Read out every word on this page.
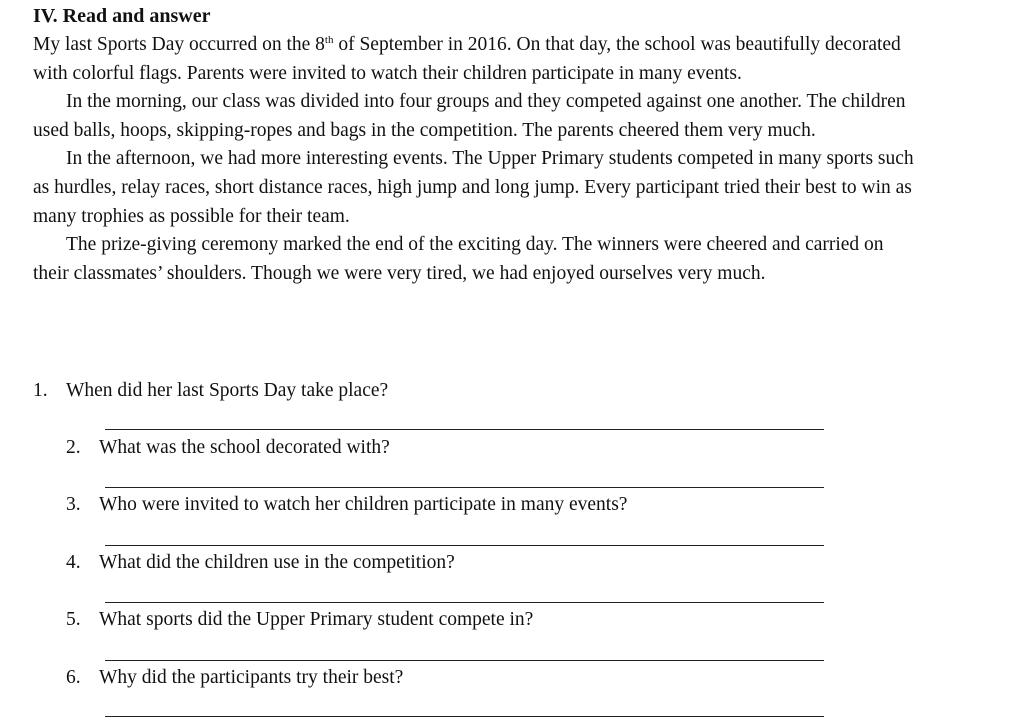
IV. Read and answer

My last Sports Day occurred on the 8th of September in 2016. On that day, the school was beautifully decorated with colorful flags. Parents were invited to watch their children participate in many events.

In the morning, our class was divided into four groups and they competed against one another. The children used balls, hoops, skipping-ropes and bags in the competition. The parents cheered them very much.

In the afternoon, we had more interesting events. The Upper Primary students competed in many sports such as hurdles, relay races, short distance races, high jump and long jump. Every participant tried their best to win as many trophies as possible for their team.

The prize-giving ceremony marked the end of the exciting day. The winners were cheered and carried on their classmates’ shoulders. Though we were very tired, we had enjoyed ourselves very much.

1. When did her last Sports Day take place?
2. What was the school decorated with?
3. Who were invited to watch her children participate in many events?
4. What did the children use in the competition?
5. What sports did the Upper Primary student compete in?
6. Why did the participants try their best?
